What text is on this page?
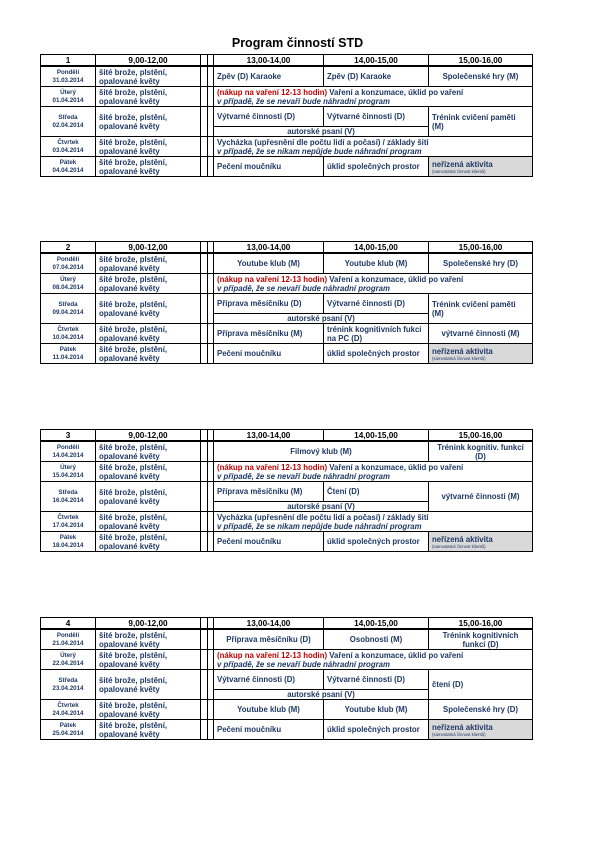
Program činností STD
1	9,00-12,00			13,00-14,00	14,00-15,00	15,00-16,00

Pondělí
31.03.2014	šité brože, plstění, opalované květy			Zpěv (D) Karaoke	Zpěv (D) Karaoke	Společenské hry (M)

Úterý
01.04.2014	šité brože, plstění, opalované květy			(nákup na vaření 12-13 hodin) Vaření a konzumace, úklid po vaření
v případě, že se nevaří bude náhradní program		

Středa
02.04.2014	šité brože, plstění, opalované květy			Výtvarné činnosti (D)	Výtvarné činnosti (D)	Trénink cvičení paměti (M)
				autorské psaní (V)		

Čtvrtek
03.04.2014	šité brože, plstění, opalované květy			Vycházka (upřesnění dle počtu lidí a počasí) / základy šití
v případě, že se nikam nepůjde bude náhradní program		

Pátek
04.04.2014	šité brože, plstění, opalované květy			Pečení moučníku	úklid společných prostor	neřízená aktivita
(samostatná činnost klientů)
2	9,00-12,00			13,00-14,00	14,00-15,00	15,00-16,00

Pondělí
07.04.2014	šité brože, plstění, opalované květy			Youtube klub (M)	Youtube klub (M)	Společenské hry (D)

Úterý
08.04.2014	šité brože, plstění, opalované květy			(nákup na vaření 12-13 hodin) Vaření a konzumace, úklid po vaření
v případě, že se nevaří bude náhradní program		

Středa
09.04.2014	šité brože, plstění, opalované květy			Příprava měsíčníku (D)	Výtvarné činnosti (D)	Trénink cvičení paměti (M)
				autorské psaní (V)		

Čtvrtek
10.04.2014	šité brože, plstění, opalované květy			Příprava měsíčníku (M)	trénink kognitivních fukcí na PC (D)	výtvarné činnosti (M)

Pátek
11.04.2014	šité brože, plstění, opalované květy			Pečení moučníku	úklid společných prostor	neřízená aktivita
(samostatná činnost klientů)
3	9,00-12,00			13,00-14,00	14,00-15,00	15,00-16,00

Pondělí
14.04.2014	šité brože, plstění, opalované květy			Filmový klub (M)		Trénink kognitiv. funkcí (D)

Úterý
15.04.2014	šité brože, plstění, opalované květy			(nákup na vaření 12-13 hodin) Vaření a konzumace, úklid po vaření
v případě, že se nevaří bude náhradní program		

Středa
16.04.2014	šité brože, plstění, opalované květy			Příprava měsíčníku (M)	Čtení (D)	výtvarné činnosti (M)
				autorské psaní (V)		

Čtvrtek
17.04.2014	šité brože, plstění, opalované květy			Vycházka (upřesnění dle počtu lidí a počasí) / základy šití
v případě, že se nikam nepůjde bude náhradní program		

Pátek
18.04.2014	šité brože, plstění, opalované květy			Pečení moučníku	úklid společných prostor	neřízená aktivita
(samostatná činnost klientů)
4	9,00-12,00			13,00-14,00	14,00-15,00	15,00-16,00

Pondělí
21.04.2014	šité brože, plstění, opalované květy			Příprava měsíčníku (D)	Osobnosti (M)	Trénink kognitivních funkcí (D)

Úterý
22.04.2014	šité brože, plstění, opalované květy			(nákup na vaření 12-13 hodin) Vaření a konzumace, úklid po vaření
v případě, že se nevaří bude náhradní program		

Středa
23.04.2014	šité brože, plstění, opalované květy			Výtvarné činnosti (D)	Výtvarné činnosti (D)	čtení (D)
				autorské psaní (V)		

Čtvrtek
24.04.2014	šité brože, plstění, opalované květy			Youtube klub (M)	Youtube klub (M)	Společenské hry (D)

Pátek
25.04.2014	šité brože, plstění, opalované květy			Pečení moučníku	úklid společných prostor	neřízená aktivita
(samostatná činnost klientů)
